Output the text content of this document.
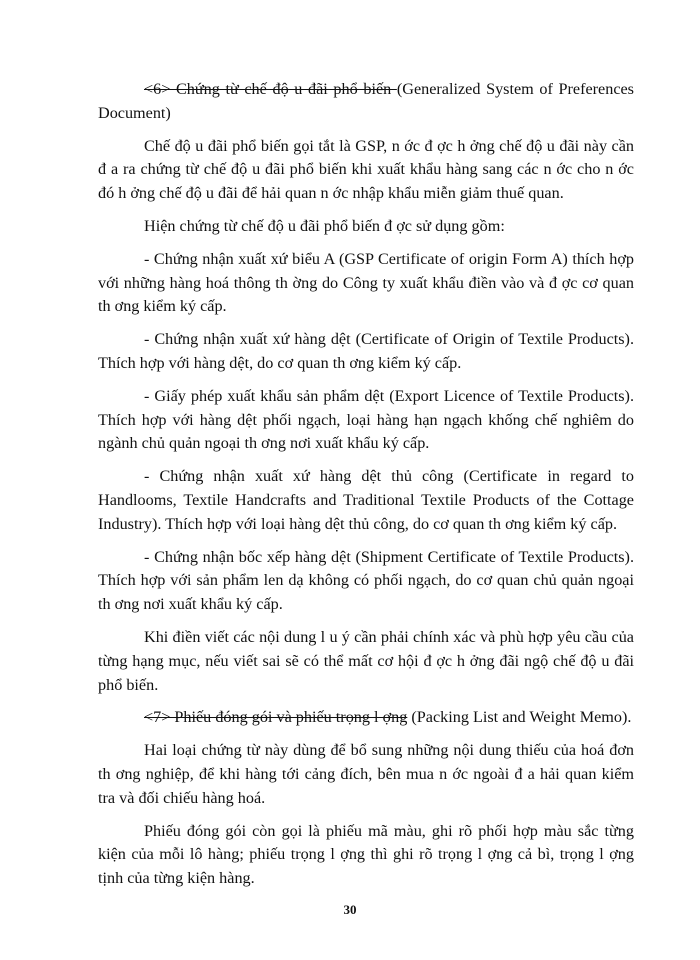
<6> Chứng từ chế độ u đãi phổ biến (Generalized System of Preferences Document)

Chế độ u đãi phổ biến gọi tắt là GSP, n ớc đ ợc h ởng chế độ u đãi này cần đ a ra chứng từ chế độ u đãi phổ biến khi xuất khẩu hàng sang các n ớc cho n ớc đó h ởng chế độ u đãi để hải quan n ớc nhập khẩu miễn giảm thuế quan.

Hiện chứng từ chế độ u đãi phổ biến đ ợc sử dụng gồm:

- Chứng nhận xuất xứ biểu A (GSP Certificate of origin Form A) thích hợp với những hàng hoá thông th ờng do Công ty xuất khẩu điền vào và đ ợc cơ quan th ơng kiểm ký cấp.

- Chứng nhận xuất xứ hàng dệt (Certificate of Origin of Textile Products). Thích hợp với hàng dệt, do cơ quan th ơng kiểm ký cấp.

- Giấy phép xuất khẩu sản phẩm dệt (Export Licence of Textile Products). Thích hợp với hàng dệt phối ngạch, loại hàng hạn ngạch khống chế nghiêm do ngành chủ quản ngoại th ơng nơi xuất khẩu ký cấp.

- Chứng nhận xuất xứ hàng dệt thủ công (Certificate in regard to Handlooms, Textile Handcrafts and Traditional Textile Products of the Cottage Industry). Thích hợp với loại hàng dệt thủ công, do cơ quan th ơng kiểm ký cấp.

- Chứng nhận bốc xếp hàng dệt (Shipment Certificate of Textile Products). Thích hợp với sản phẩm len dạ không có phối ngạch, do cơ quan chủ quản ngoại th ơng nơi xuất khẩu ký cấp.

Khi điền viết các nội dung l u ý cần phải chính xác và phù hợp yêu cầu của từng hạng mục, nếu viết sai sẽ có thể mất cơ hội đ ợc h ởng đãi ngộ chế độ u đãi phổ biến.

<7> Phiếu đóng gói và phiếu trọng l ợng (Packing List and Weight Memo).

Hai loại chứng từ này dùng để bổ sung những nội dung thiếu của hoá đơn th ơng nghiệp, để khi hàng tới cảng đích, bên mua n ớc ngoài đ a hải quan kiểm tra và đối chiếu hàng hoá.

Phiếu đóng gói còn gọi là phiếu mã màu, ghi rõ phối hợp màu sắc từng kiện của mỗi lô hàng; phiếu trọng l ợng thì ghi rõ trọng l ợng cả bì, trọng l ợng tịnh của từng kiện hàng.

30
